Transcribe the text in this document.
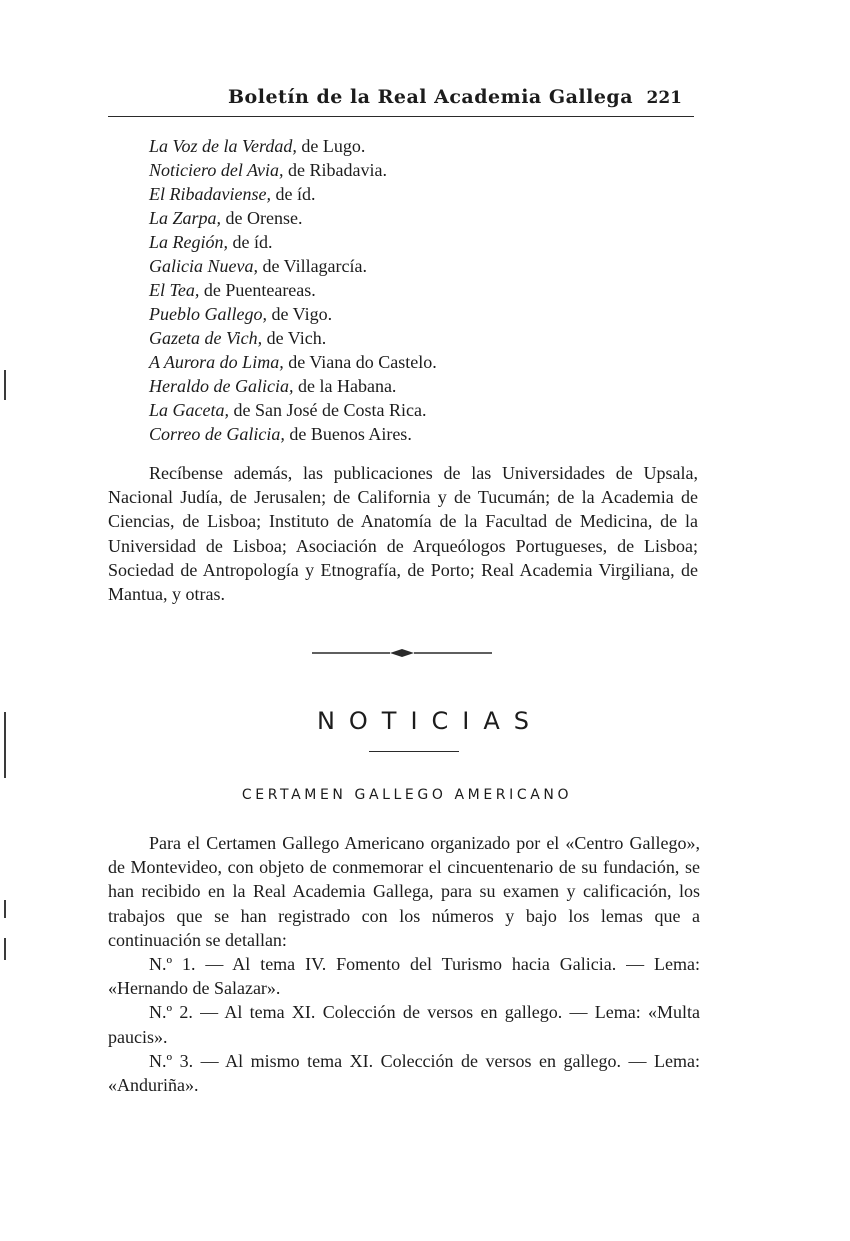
Boletín de la Real Academia Gallega 221
La Voz de la Verdad, de Lugo.
Noticiero del Avia, de Ribadavia.
El Ribadaviense, de íd.
La Zarpa, de Orense.
La Región, de íd.
Galicia Nueva, de Villagarcía.
El Tea, de Puenteareas.
Pueblo Gallego, de Vigo.
Gazeta de Vich, de Vich.
A Aurora do Lima, de Viana do Castelo.
Heraldo de Galicia, de la Habana.
La Gaceta, de San José de Costa Rica.
Correo de Galicia, de Buenos Aires.

Recíbense además, las publicaciones de las Universidades de Upsala, Nacional Judía, de Jerusalen; de California y de Tucumán; de la Academia de Ciencias, de Lisboa; Instituto de Anatomía de la Facultad de Medicina, de la Universidad de Lisboa; Asociación de Arqueólogos Portugueses, de Lisboa; Sociedad de Antropología y Etnografía, de Porto; Real Academia Virgiliana, de Mantua, y otras.

NOTICIAS
CERTAMEN GALLEGO AMERICANO

Para el Certamen Gallego Americano organizado por el «Centro Gallego», de Montevideo, con objeto de conmemorar el cincuentenario de su fundación, se han recibido en la Real Academia Gallega, para su examen y calificación, los trabajos que se han registrado con los números y bajo los lemas que a continuación se detallan:

N.º 1. — Al tema IV. Fomento del Turismo hacia Galicia. — Lema: «Hernando de Salazar».

N.º 2. — Al tema XI. Colección de versos en gallego. — Lema: «Multa paucis».

N.º 3. — Al mismo tema XI. Colección de versos en gallego. — Lema: «Anduriña».
